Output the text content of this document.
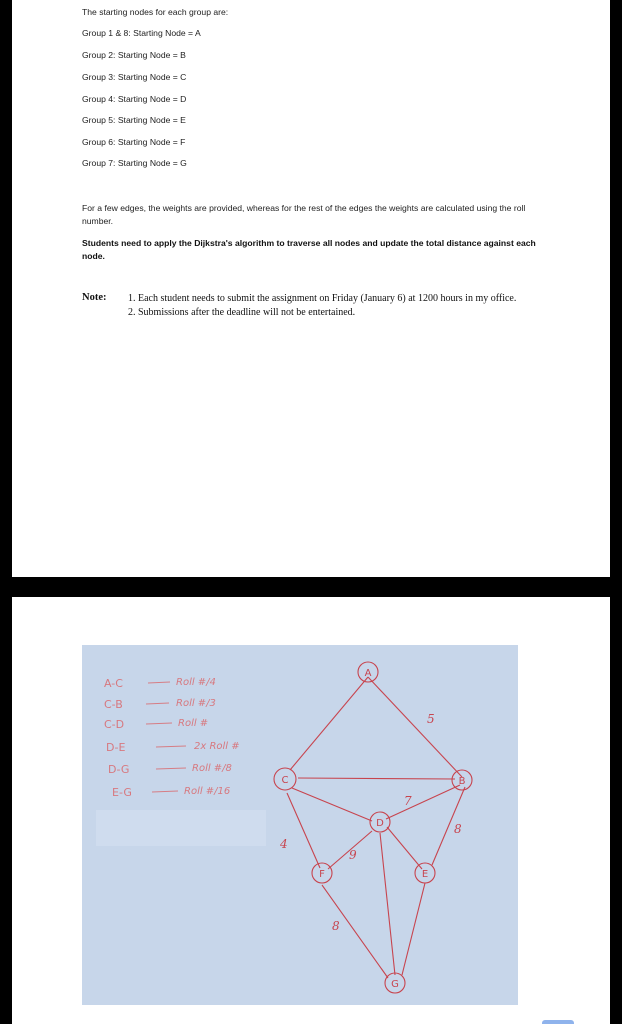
The starting nodes for each group are:
Group 1 & 8: Starting Node = A
Group 2: Starting Node = B
Group 3: Starting Node = C
Group 4: Starting Node = D
Group 5: Starting Node = E
Group 6: Starting Node = F
Group 7: Starting Node = G
For a few edges, the weights are provided, whereas for the rest of the edges the weights are calculated using the roll number.
Students need to apply the Dijkstra's algorithm to traverse all nodes and update the total distance against each node.
Note: 1. Each student needs to submit the assignment on Friday (January 6) at 1200 hours in my office.
2. Submissions after the deadline will not be entertained.
A
B
C
D
E
F
G
5
7
8
4
9
8
A-C
C-B
C-D
D-E
D-G
E-G
Roll #/4
Roll #/3
Roll #
2x Roll #
Roll #/8
Roll #/16
